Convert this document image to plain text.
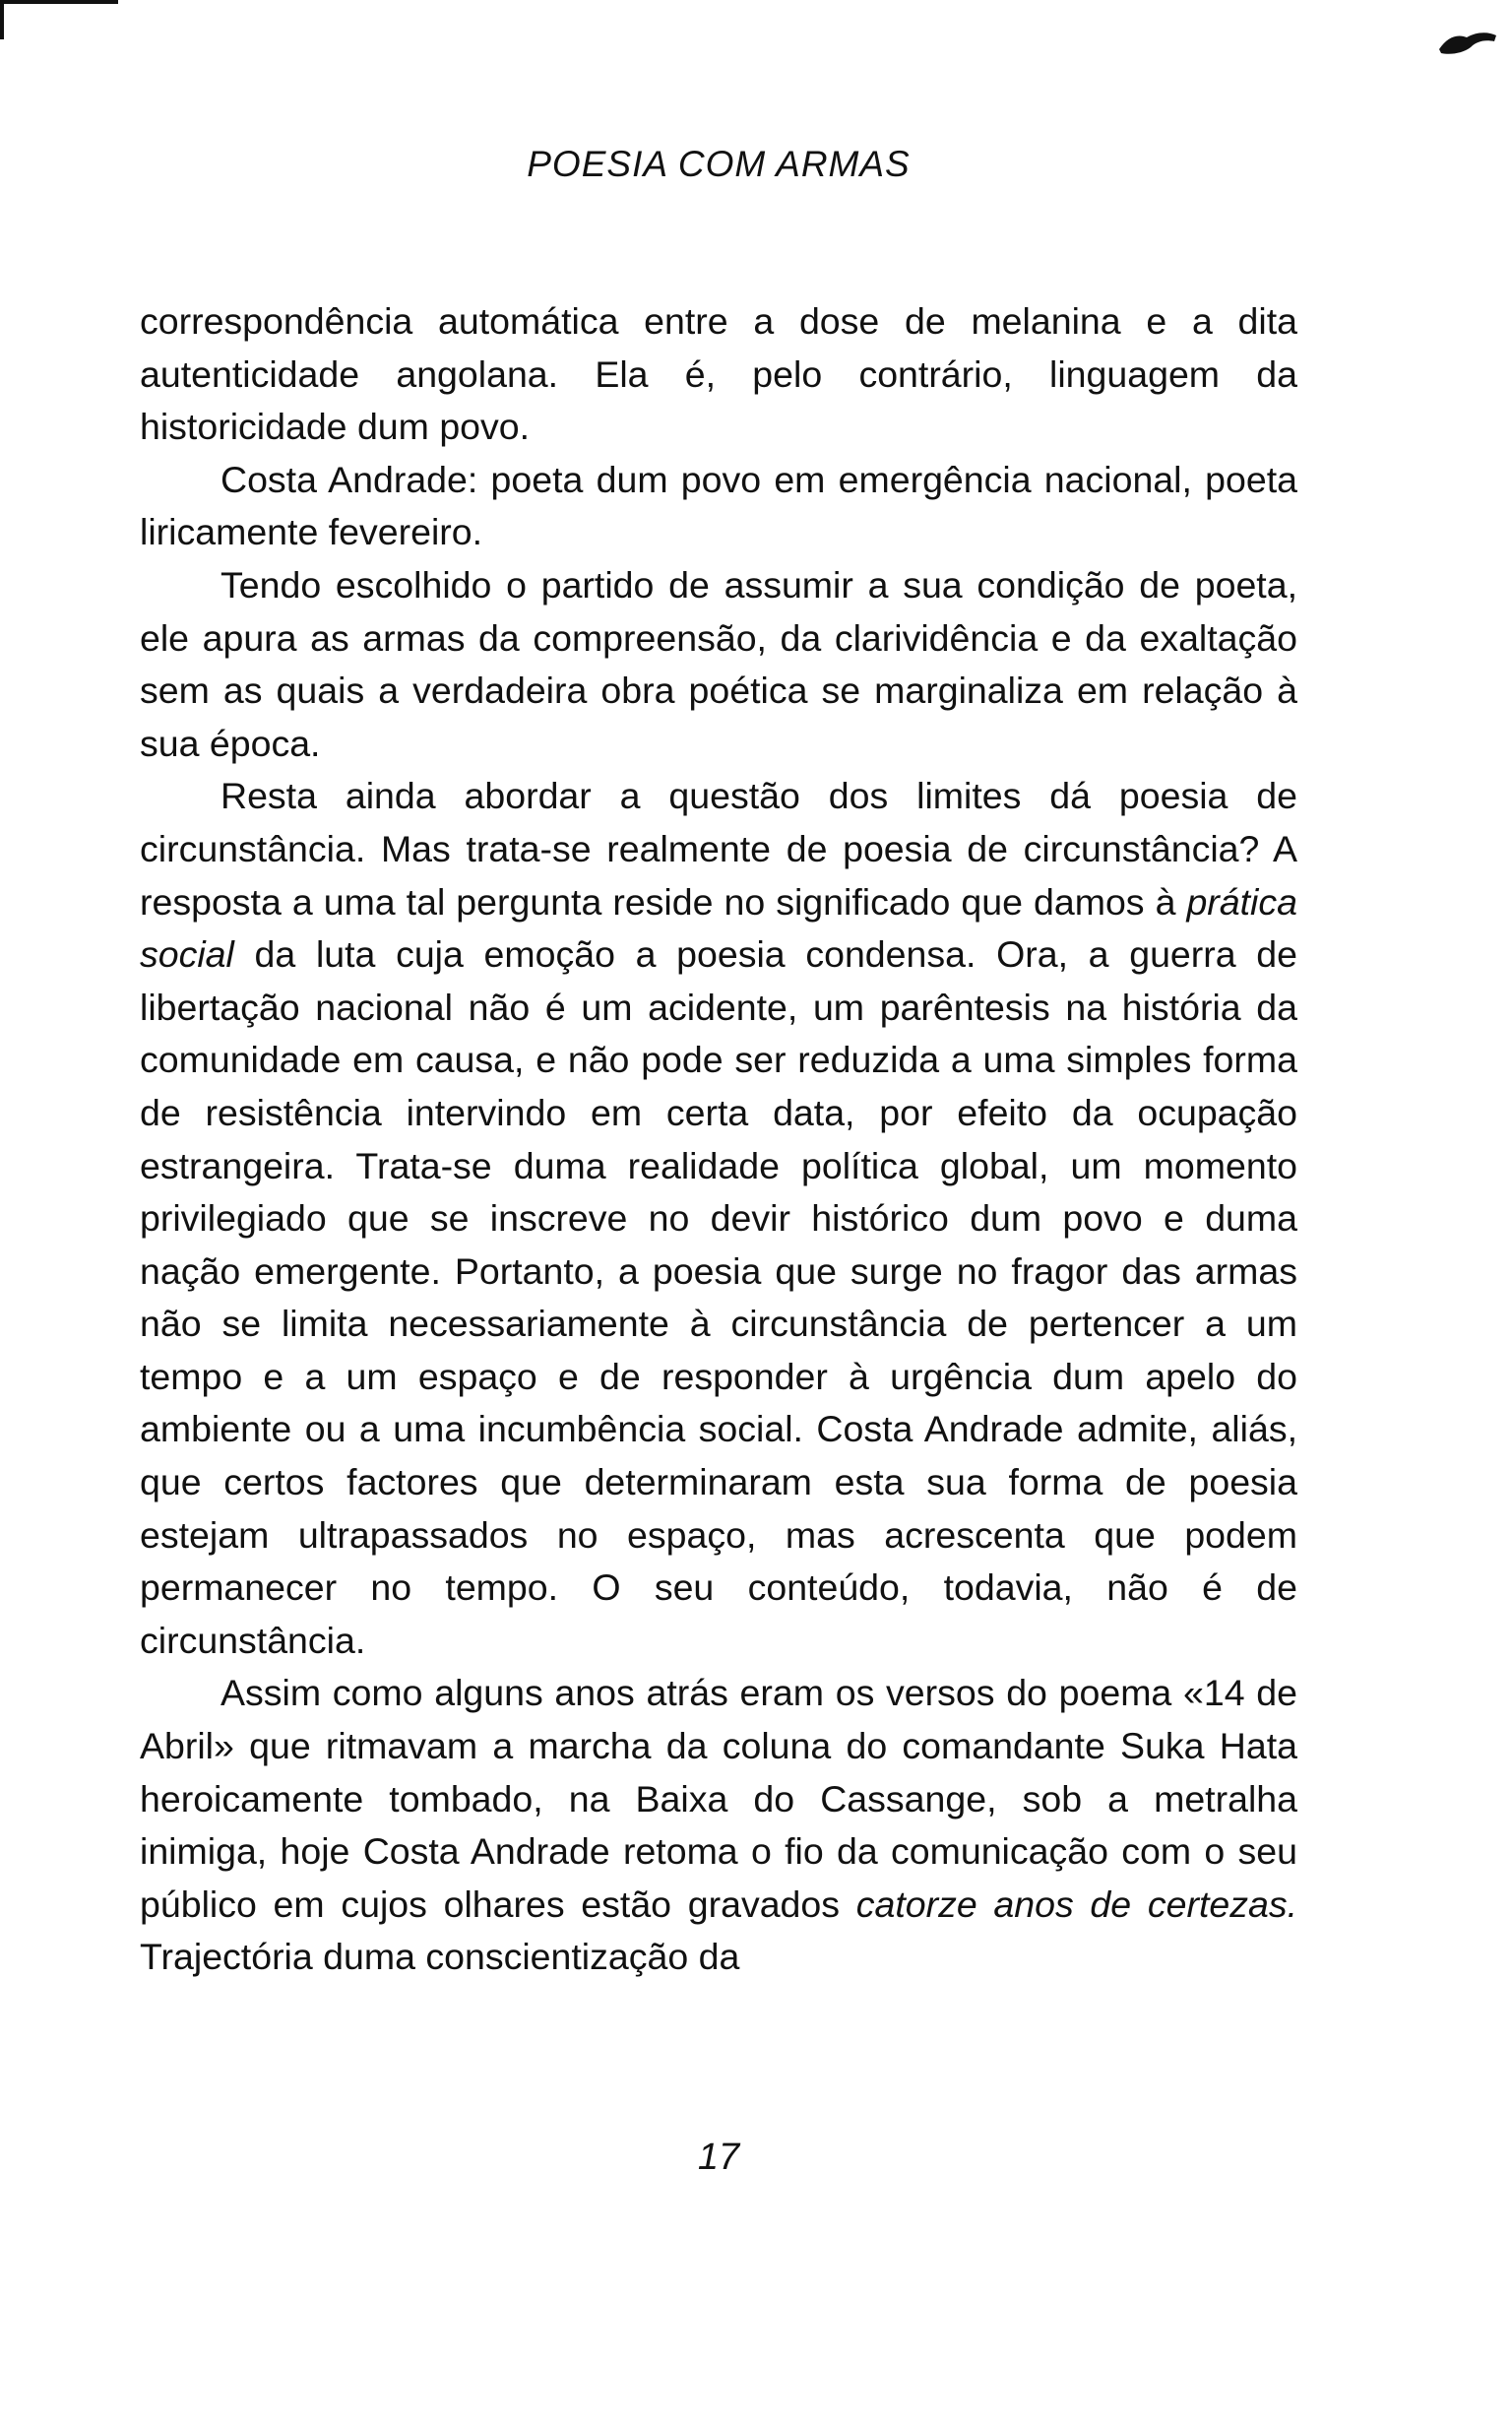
POESIA COM ARMAS

correspondência automática entre a dose de melanina e a dita autenticidade angolana. Ela é, pelo contrário, linguagem da historicidade dum povo.

Costa Andrade: poeta dum povo em emergência nacional, poeta liricamente fevereiro.

Tendo escolhido o partido de assumir a sua condição de poeta, ele apura as armas da compreensão, da clarividência e da exaltação sem as quais a verdadeira obra poética se marginaliza em relação à sua época.

Resta ainda abordar a questão dos limites dá poesia de circunstância. Mas trata-se realmente de poesia de circunstância? A resposta a uma tal pergunta reside no significado que damos à prática social da luta cuja emoção a poesia condensa. Ora, a guerra de libertação nacional não é um acidente, um parêntesis na história da comunidade em causa, e não pode ser reduzida a uma simples forma de resistência intervindo em certa data, por efeito da ocupação estrangeira. Trata-se duma realidade política global, um momento privilegiado que se inscreve no devir histórico dum povo e duma nação emergente. Portanto, a poesia que surge no fragor das armas não se limita necessariamente à circunstância de pertencer a um tempo e a um espaço e de responder à urgência dum apelo do ambiente ou a uma incumbência social. Costa Andrade admite, aliás, que certos factores que determinaram esta sua forma de poesia estejam ultrapassados no espaço, mas acrescenta que podem permanecer no tempo. O seu conteúdo, todavia, não é de circunstância.

Assim como alguns anos atrás eram os versos do poema «14 de Abril» que ritmavam a marcha da coluna do comandante Suka Hata heroicamente tombado, na Baixa do Cassange, sob a metralha inimiga, hoje Costa Andrade retoma o fio da comunicação com o seu público em cujos olhares estão gravados catorze anos de certezas. Trajectória duma conscientização da

17
